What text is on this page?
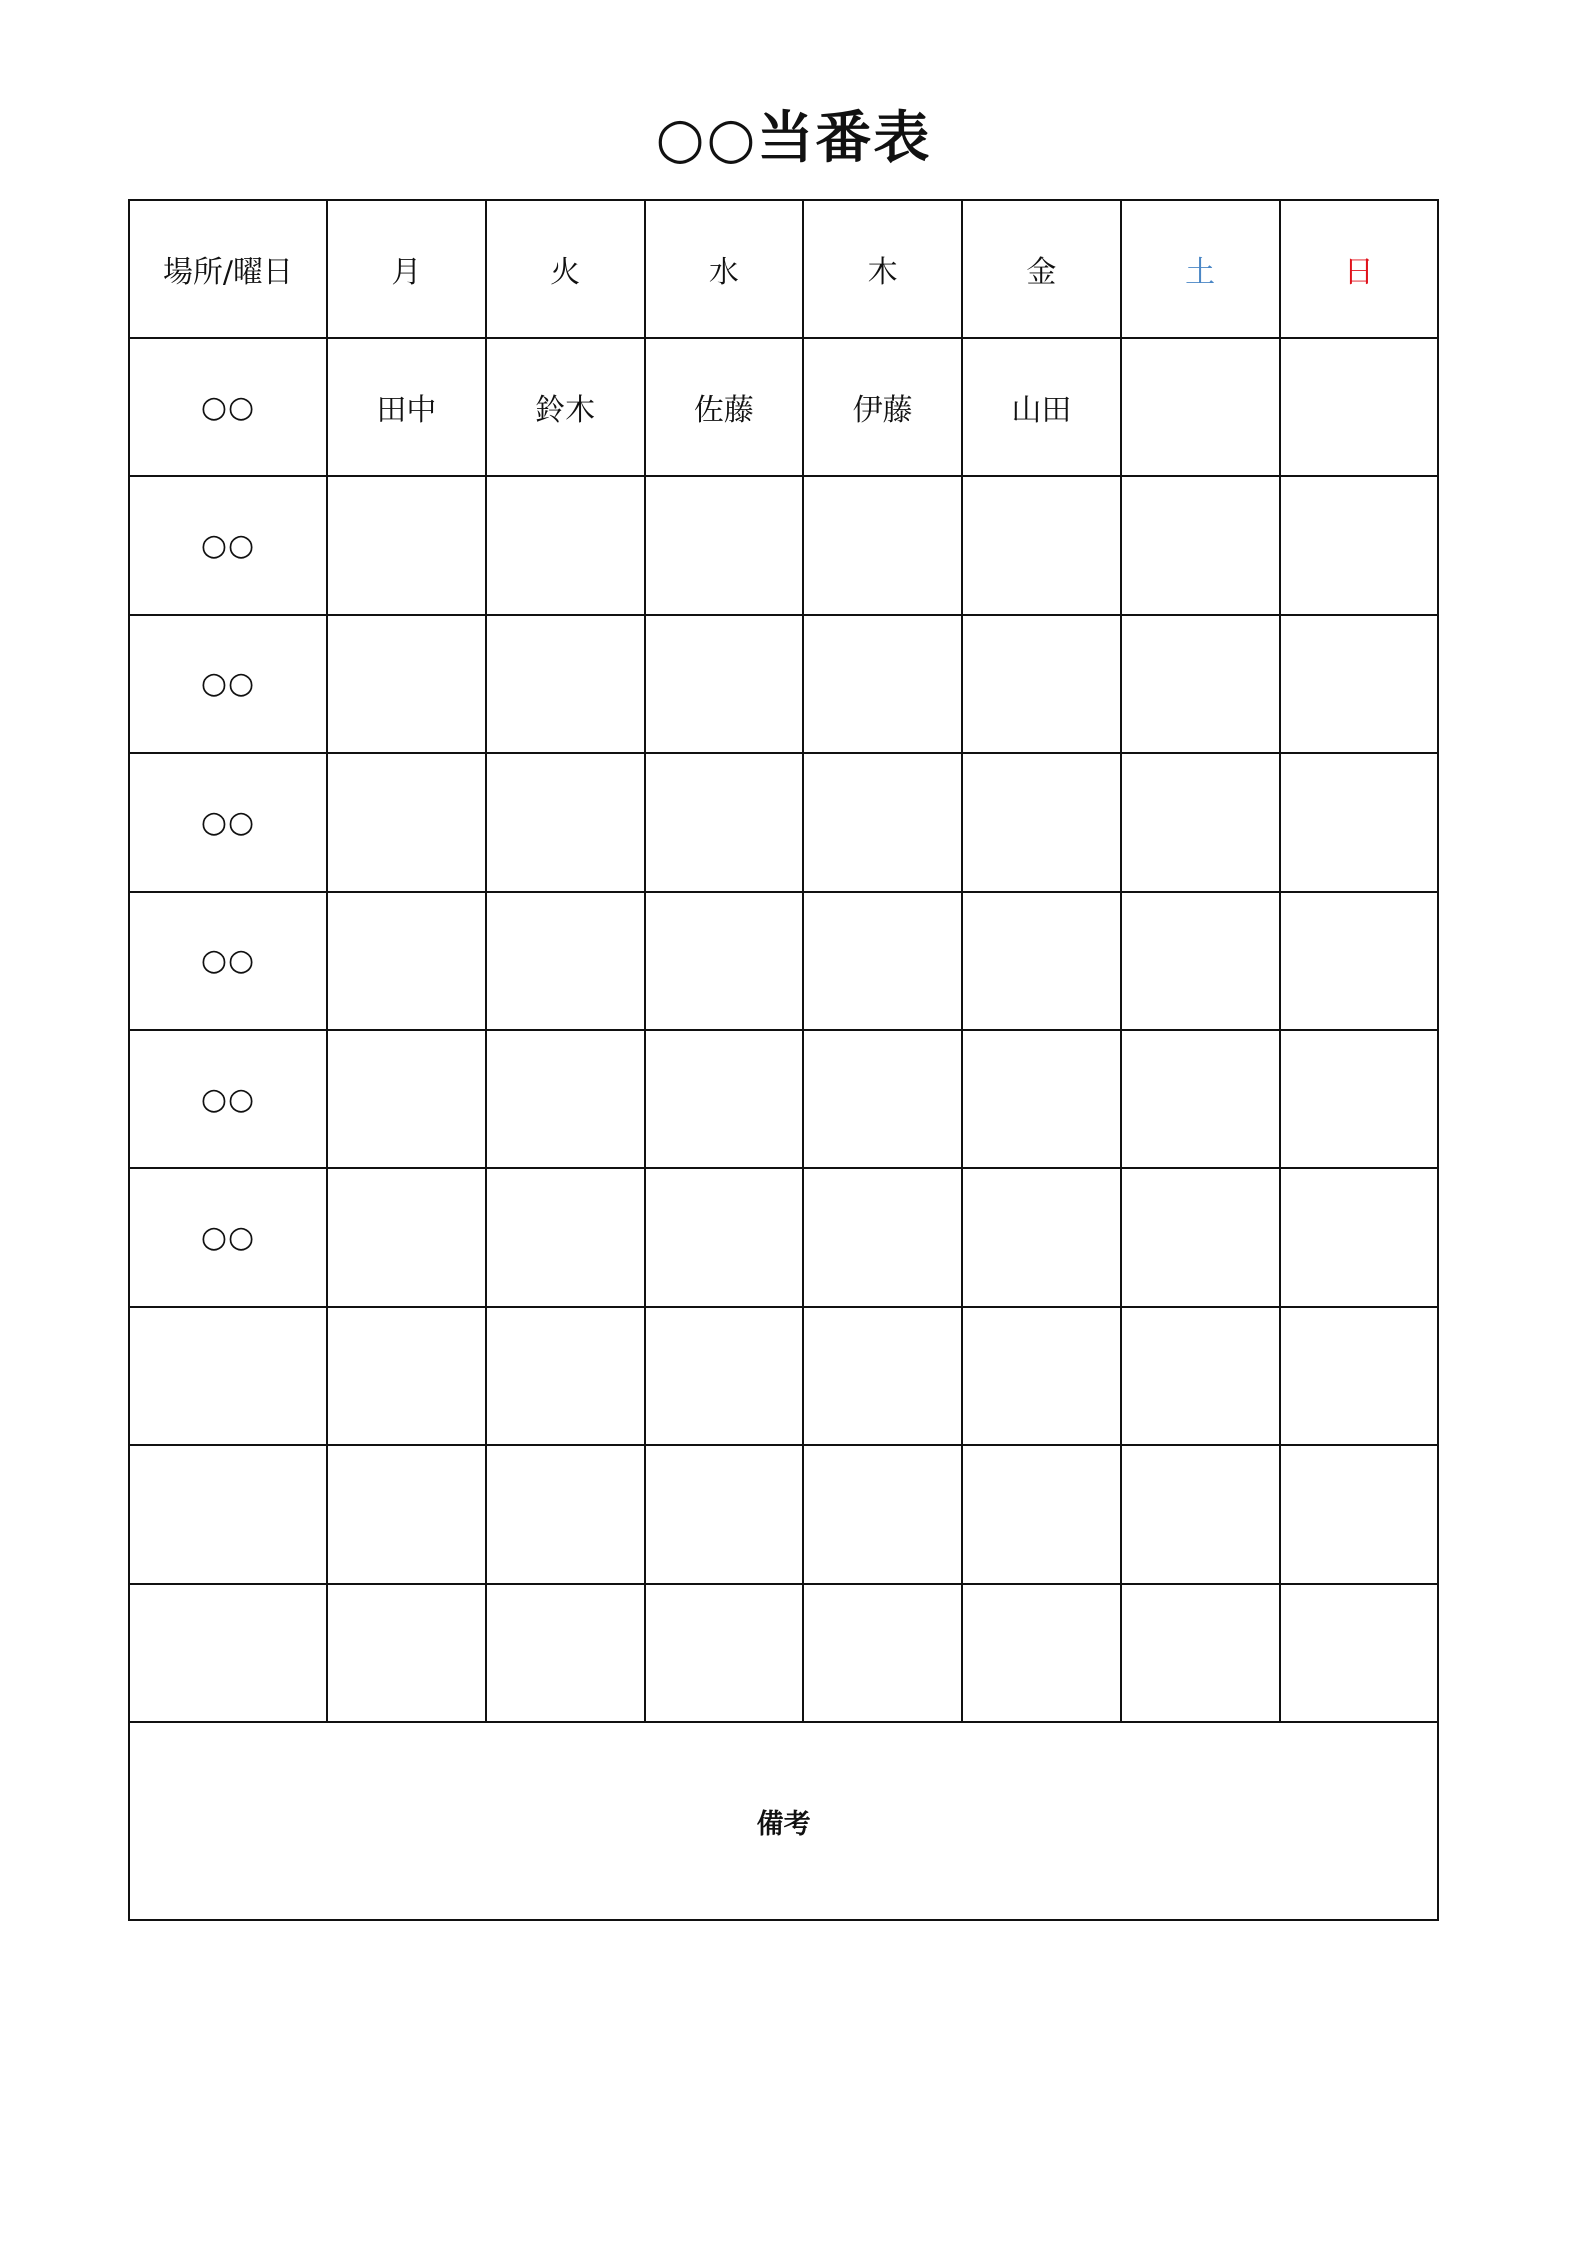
○○当番表
場所/曜日	月	火	水	木	金	土	日
○○	田中	鈴木	佐藤	伊藤	山田		
○○							
○○							
○○							
○○							
○○							
○○							

備考							
